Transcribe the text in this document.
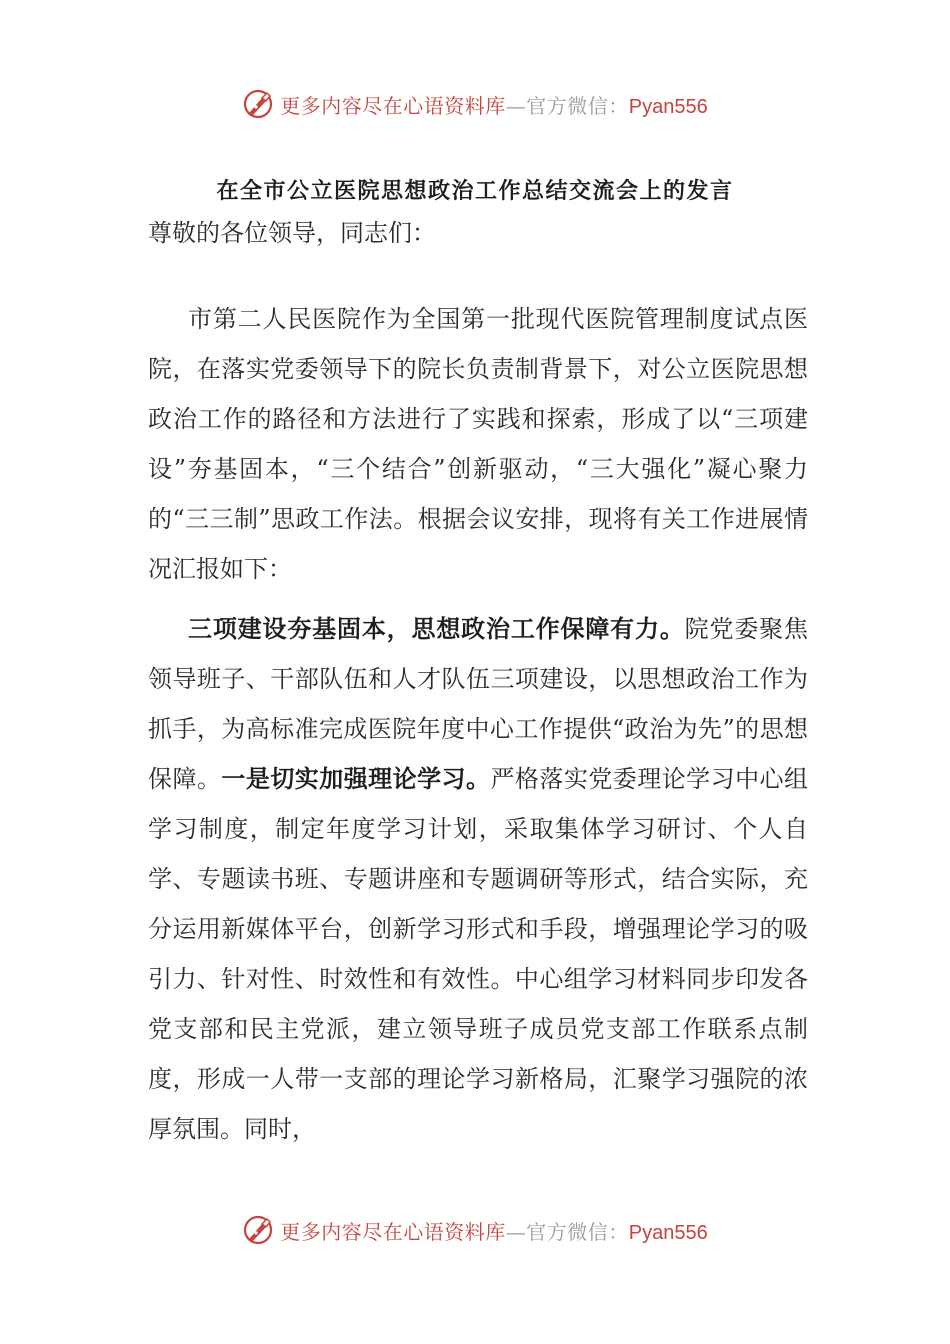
更多内容尽在心语资料库—官方微信：Pyan556
在全市公立医院思想政治工作总结交流会上的发言
尊敬的各位领导，同志们：

市第二人民医院作为全国第一批现代医院管理制度试点医院，在落实党委领导下的院长负责制背景下，对公立医院思想政治工作的路径和方法进行了实践和探索，形成了以“三项建设”夯基固本，“三个结合”创新驱动，“三大强化”凝心聚力的“三三制”思政工作法。根据会议安排，现将有关工作进展情况汇报如下：

三项建设夯基固本，思想政治工作保障有力。院党委聚焦领导班子、干部队伍和人才队伍三项建设，以思想政治工作为抓手，为高标准完成医院年度中心工作提供“政治为先”的思想保障。一是切实加强理论学习。严格落实党委理论学习中心组学习制度，制定年度学习计划，采取集体学习研讨、个人自学、专题读书班、专题讲座和专题调研等形式，结合实际，充分运用新媒体平台，创新学习形式和手段，增强理论学习的吸引力、针对性、时效性和有效性。中心组学习材料同步印发各党支部和民主党派，建立领导班子成员党支部工作联系点制度，形成一人带一支部的理论学习新格局，汇聚学习强院的浓厚氛围。同时，

更多内容尽在心语资料库—官方微信：Pyan556
